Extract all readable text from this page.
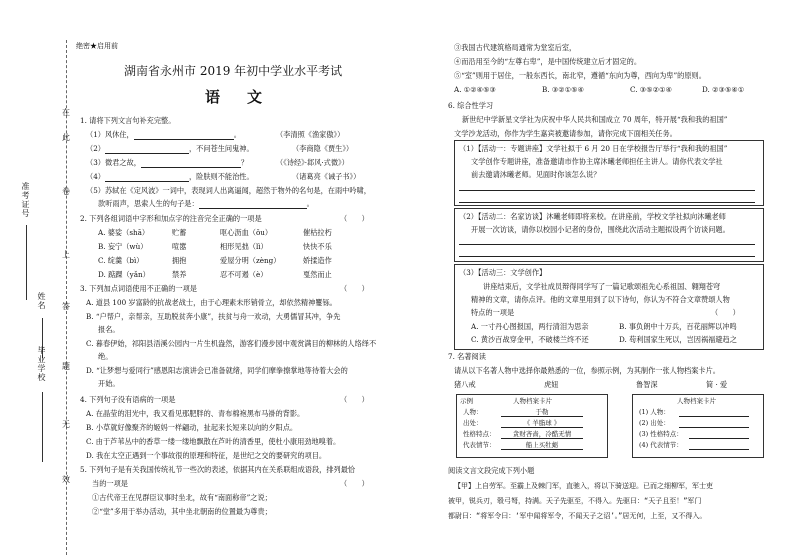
在
此
卷
上
答
题
无
效
准考证号
姓名
毕业学校
绝密★启用前
湖南省永州市 2019 年初中学业水平考试
语　文
1. 请将下列文言句补充完整。
（1）风休住，	。	（李清照《渔家傲》）
（2）	，不问苍生问鬼神。	（李商隐《贾生》）
（3）微君之故，	？	（《诗经》·邶风·式微》）
（4）	，险肤则不能治性。	（诸葛亮《诫子书》）
（5）苏轼在《定风波》一词中，表现词人出离逼闻，超然于物外的名句是，在雨中吟啸，
款听雨声，思索人生的句子是：	。
2. 下列各组词语中字形和加点字的注音完全正确的一项是	（　　）
A. 婆娑（shā）	贮蓄	呕心沥血（ǒu）	催枯拉朽
B. 妄宁（wù）	喧嚣	相形见拙（lì）	快快不乐
C. 绽羹（bì）	拥抱	爱屋分明（zèng）	娇揉造作
D. 踮踝（yǎn）	禁养	忍不可遏（è）	戛然而止
3. 下列加点词语使用不正确的一项是	（　　）
A. 道县 100 岁富龄的抗战老战士，由于心理素未形销骨立，却依然精神矍铄。
B. “户帮户，亲帮亲，互助脱贫奔小康”，扶贫与舟一欢动，大勇儒冒其冲，争先
报名。
C. 暮春伊始，祁阳县浯溪公园内一片生机盎然，游客们漫步园中观赏满目的柳林的人络绎不
绝。
D. “让梦想与爱同行”感恩阳志演讲会已准备就绪，同学们摩拳擦掌地等待着大会的
开始。
4. 下列句子没有语病的一项是	（　　）
A. 在晶莹的泪光中，我又看见那肥胖的、青布棉袍黑布马褂的背影。
B. 小草就好像聚齐的姬妈一样翩动，扯起来长短来以向的夕阳点。
C. 由于芦苇丛中的香草一缕一缕地飘散在芦叶的清香里，使杜小康用劲地嗅着。
D. 我在太空正遇到一个事故很的原理和特征，是世纪之交的要研究的项目。
5. 下列句子是有关我国传统礼节一些次的表述，依据其内在关系联组成语段，排列最恰
当的一项是	（　　）
①古代帝王在见群臣议事时坐北，故有“南面称帝”之说；
②“堂”多用于举办活动，其中坐北朝南的位置最为尊贵；
③我国古代建筑格局通常为堂室后室，
④而沿用至今的“左尊右卑”，是中国传统建立后才固定的。
⑤“室”则用于居住，一般东西长，南北窄，遵循“东向为尊，西向为卑”的原则。
A. ①②④⑤③	B. ③②①⑤④	C. ③⑤②①④	D. ②③⑤④①
6. 综合性学习
新世纪中学新星文学社为庆祝中华人民共和国成立 70 周年，特开展“我和我的祖国”
文学沙龙活动，你作为学生嘉宾被邀请参加，请你完成下面相关任务。
（1）【活动一：专题讲座】文学社拟于 6 月 20 日在学校报告厅举行“我和我的祖国”
文学创作专题讲座，准备邀请市作协主席沐曦老师担任主讲人。请你代表文学社
前去邀请沐曦老师。见面时你该怎么说？
（2）【活动二：名家访谈】沐曦老师即将来校。在讲座前，学校文学社拟向沐曦老师
开展一次访谈，请你以校园小记者的身份，围绕此次活动主题拟设两个访谈问题。
（3）【活动三：文学创作】
讲座结束后，文学社成员辩得同学写了一篇记歌颂祖先心系祖国、翱翔苍穹
精神的文章，请你点评。他的文章里用到了以下诗句，你认为不符合文章赞颂人物
特点的一项是	（　　）
A. 一寸丹心图报国，两行清泪为思亲	B. 事负朗中十万兵，百花丽辉以冲鸣
C. 黄沙百战穿金甲，不破楼兰终不还	D. 苟利国家生死以，岂因祸福避趋之
7. 名著阅读
请从以下名著人物中选择你最熟悉的一位，参照示例，为其制作一张人物档案卡片。
猪八戒	虎妞	鲁智深	简 · 爱
示例	人物档案卡片
人物：	于勒
出处：	《 羊脂球 》
性格特点：	贪财吝啬，冷酷无情
代表情节：	船上买牡蛎
人物档案卡片
(1) 人物：

(2) 出处：

(3) 性格特点：

(4) 代表情节：

阅读文言文段完成下列小题
【甲】上自劳军。至霸上及棘门军，直驰入，将以下骑送迎。已而之细柳军，军士吏
被甲，锐兵刃，彀弓弩，持满。天子先驱至，不得入。先驱曰：“天子且至！”军门
都尉曰：“将军令曰：‘军中闻将军令，不闻天子之诏’。”居无何，上至，又不得入。
